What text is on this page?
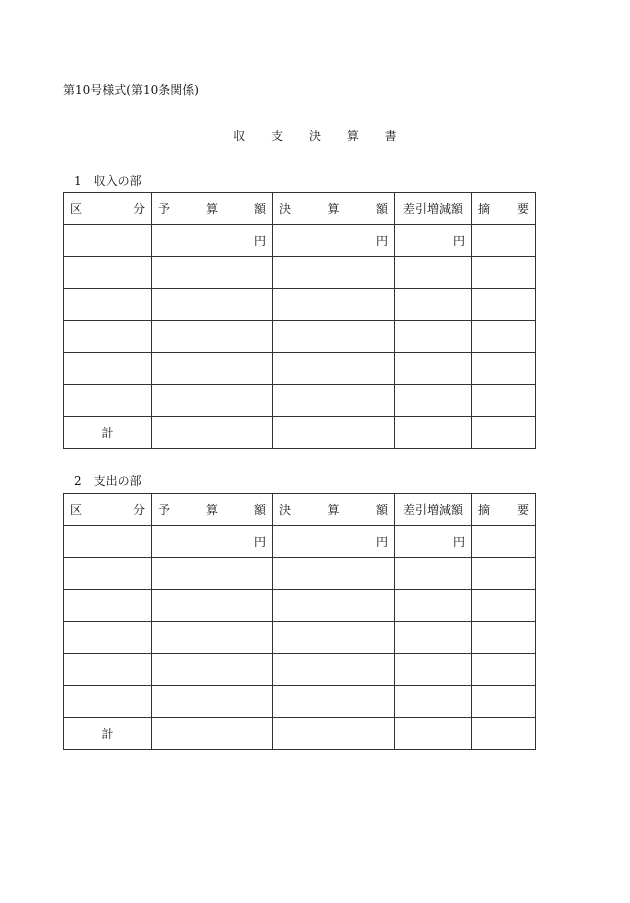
第10号様式(第10条関係)
収 支 決 算 書
1　収入の部
区 分	予 算 額	決 算 額	差引増減額	摘 要

	円	円	円	

計				
2　支出の部
区 分	予 算 額	決 算 額	差引増減額	摘 要

	円	円	円	

計				
